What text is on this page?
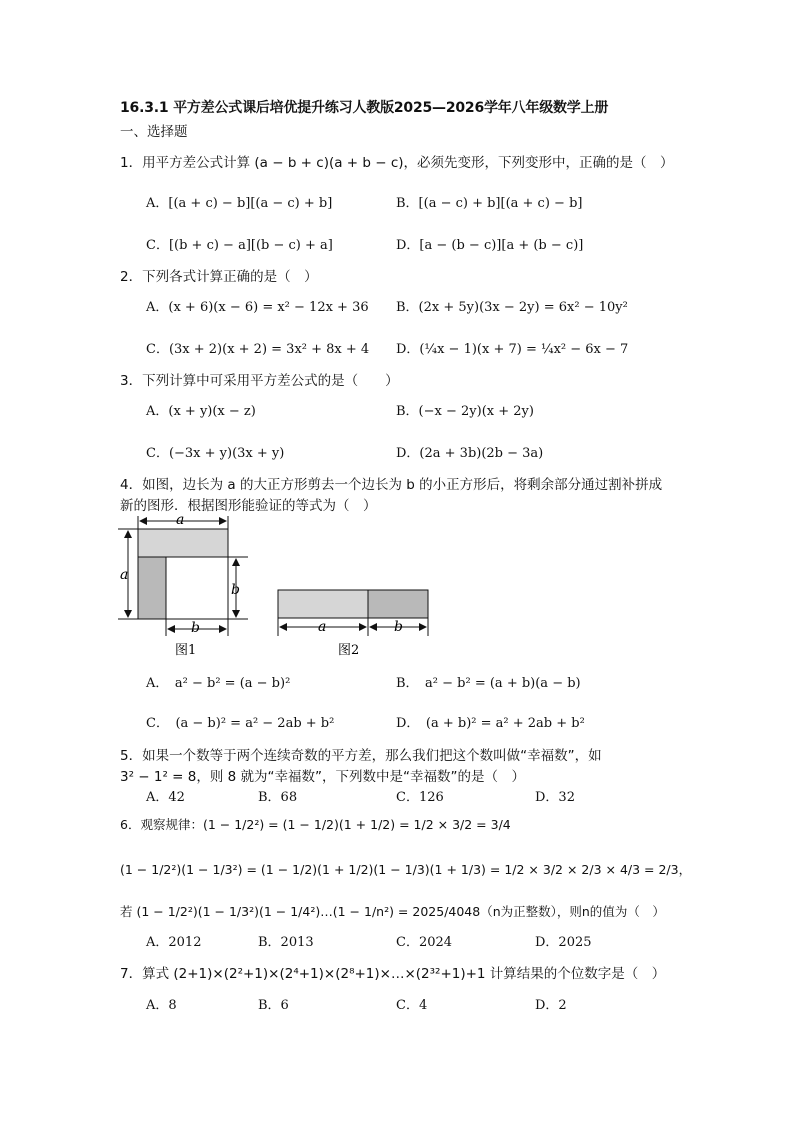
16.3.1 平方差公式课后培优提升练习人教版2025—2026学年八年级数学上册
一、选择题
1．用平方差公式计算 (a − b + c)(a + b − c)，必须先变形，下列变形中，正确的是（　）
A．[(a + c) − b][(a − c) + b]	B．[(a − c) + b][(a + c) − b]
C．[(b + c) − a][(b − c) + a]	D．[a − (b − c)][a + (b − c)]
2．下列各式计算正确的是（　）
A．(x + 6)(x − 6) = x² − 12x + 36 B．(2x + 5y)(3x − 2y) = 6x² − 10y²
C．(3x + 2)(x + 2) = 3x² + 8x + 4 D．(¼x − 1)(x + 7) = ¼x² − 6x − 7
3．下列计算中可采用平方差公式的是（　　）
A．(x + y)(x − z)	B．(−x − 2y)(x + 2y)
C．(−3x + y)(3x + y)	D．(2a + 3b)(2b − 3a)
4．如图，边长为 a 的大正方形剪去一个边长为 b 的小正方形后，将剩余部分通过割补拼成
新的图形．根据图形能验证的等式为（　）
a
a
b
b
图1
a	b
图2
A．　a² − b² = (a − b)²	B．　a² − b² = (a + b)(a − b)
C．　(a − b)² = a² − 2ab + b²	D．　(a + b)² = a² + 2ab + b²
5．如果一个数等于两个连续奇数的平方差，那么我们把这个数叫做“幸福数”，如
3² − 1² = 8，则 8 就为“幸福数”，下列数中是“幸福数”的是（　）
A．42	B．68	C．126	D．32
6．观察规律：(1 − 1/2²) = (1 − 1/2)(1 + 1/2) = 1/2 × 3/2 = 3/4
(1 − 1/2²)(1 − 1/3²) = (1 − 1/2)(1 + 1/2)(1 − 1/3)(1 + 1/3) = 1/2 × 3/2 × 2/3 × 4/3 = 2/3，
若 (1 − 1/2²)(1 − 1/3²)(1 − 1/4²)…(1 − 1/n²) = 2025/4048（n为正整数），则n的值为（　）
A．2012	B．2013	C．2024	D．2025
7．算式 (2+1)×(2²+1)×(2⁴+1)×(2⁸+1)×…×(2³²+1)+1 计算结果的个位数字是（　）
A．8	B．6	C．4	D．2
